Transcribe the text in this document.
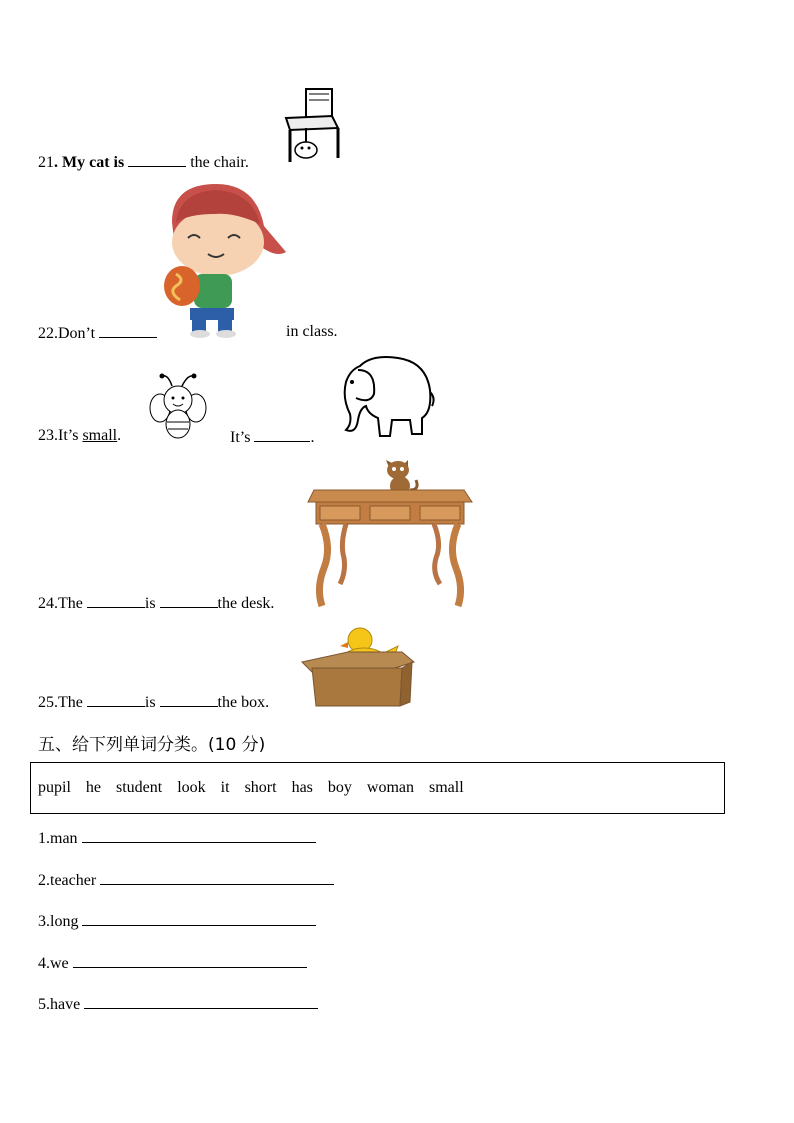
21. My cat is	the chair.
22.Don’t	in class.
23.It’s small.	It’s	.
24.The	is	the desk.
25.The	is	the box.
五、给下列单词分类。(10 分)
pupil he student look it short has boy woman small
1.man
2.teacher
3.long
4.we
5.have
